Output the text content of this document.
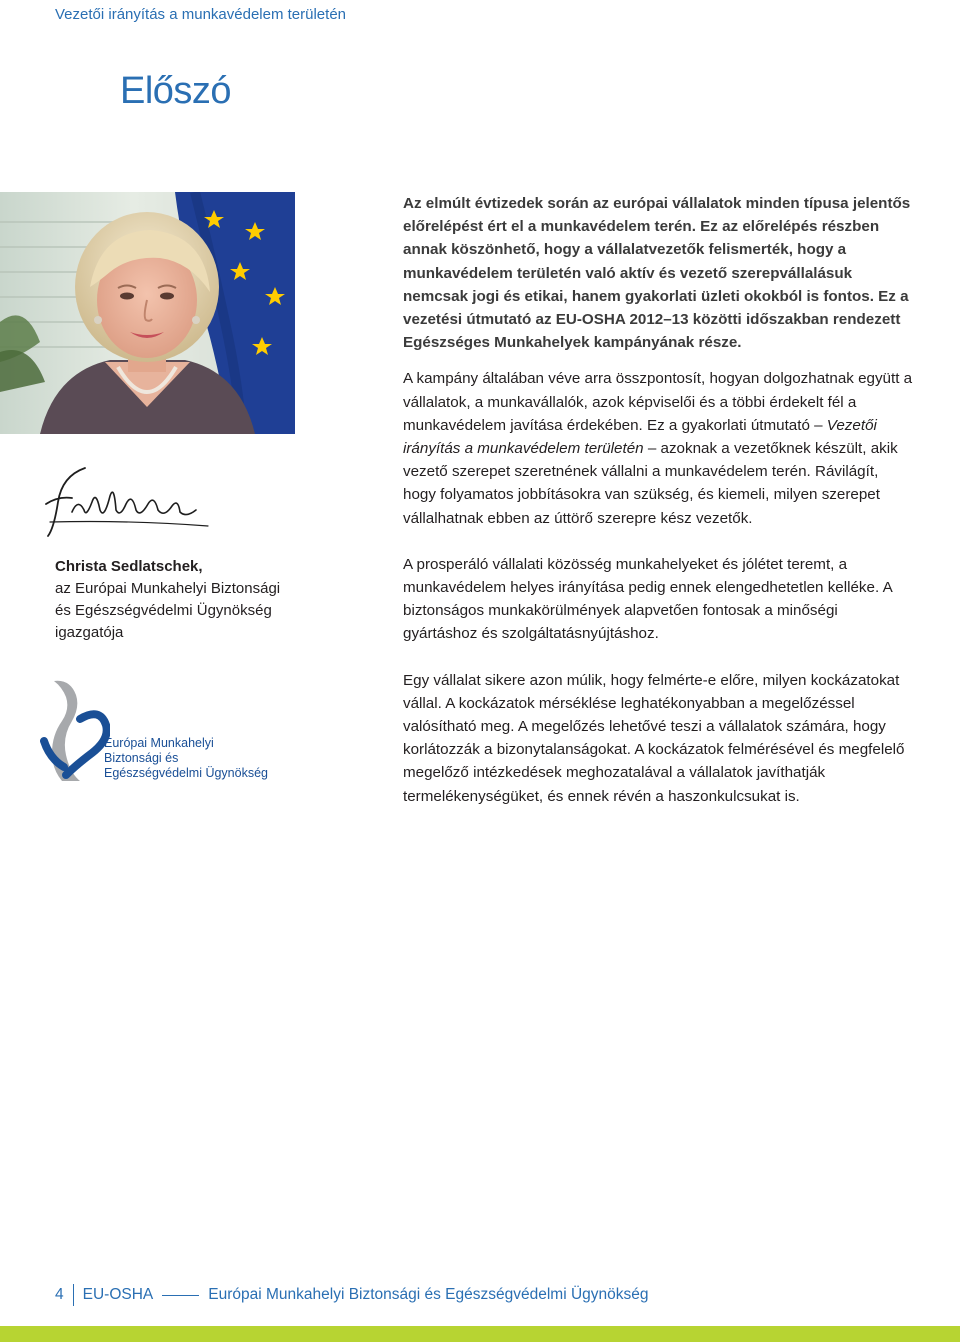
Vezetői irányítás a munkavédelem területén
Előszó
Christa Sedlatschek,
az Európai Munkahelyi Biztonsági
és Egészségvédelmi Ügynökség
igazgatója
Európai Munkahelyi
Biztonsági és
Egészségvédelmi Ügynökség

Az elmúlt évtizedek során az európai vállalatok minden típusa jelentős előrelépést ért el a munkavédelem terén. Ez az előrelépés részben annak köszönhető, hogy a vállalatvezetők felismerték, hogy a munkavédelem területén való aktív és vezető szerepvállalásuk nemcsak jogi és etikai, hanem gyakorlati üzleti okokból is fontos. Ez a vezetési útmutató az EU-OSHA 2012–13 közötti időszakban rendezett Egészséges Munkahelyek kampányának része.

A kampány általában véve arra összpontosít, hogyan dolgozhatnak együtt a vállalatok, a munkavállalók, azok képviselői és a többi érdekelt fél a munkavédelem javítása érdekében. Ez a gyakorlati útmutató – Vezetői irányítás a munkavédelem területén – azoknak a vezetőknek készült, akik vezető szerepet szeretnének vállalni a munkavédelem terén. Rávilágít, hogy folyamatos jobbításokra van szükség, és kiemeli, milyen szerepet vállalhatnak ebben az úttörő szerepre kész vezetők.

A prosperáló vállalati közösség munkahelyeket és jólétet teremt, a munkavédelem helyes irányítása pedig ennek elengedhetetlen kelléke. A biztonságos munkakörülmények alapvetően fontosak a minőségi gyártáshoz és szolgáltatásnyújtáshoz.

Egy vállalat sikere azon múlik, hogy felmérte-e előre, milyen kockázatokat vállal. A kockázatok mérséklése leghatékonyabban a megelőzéssel valósítható meg. A megelőzés lehetővé teszi a vállalatok számára, hogy korlátozzák a bizonytalanságokat. A kockázatok felmérésével és megfelelő megelőző intézkedések meghozatalával a vállalatok javíthatják termelékenységüket, és ennek révén a haszonkulcsukat is.

4 EU-OSHA	Európai Munkahelyi Biztonsági és Egészségvédelmi Ügynökség
